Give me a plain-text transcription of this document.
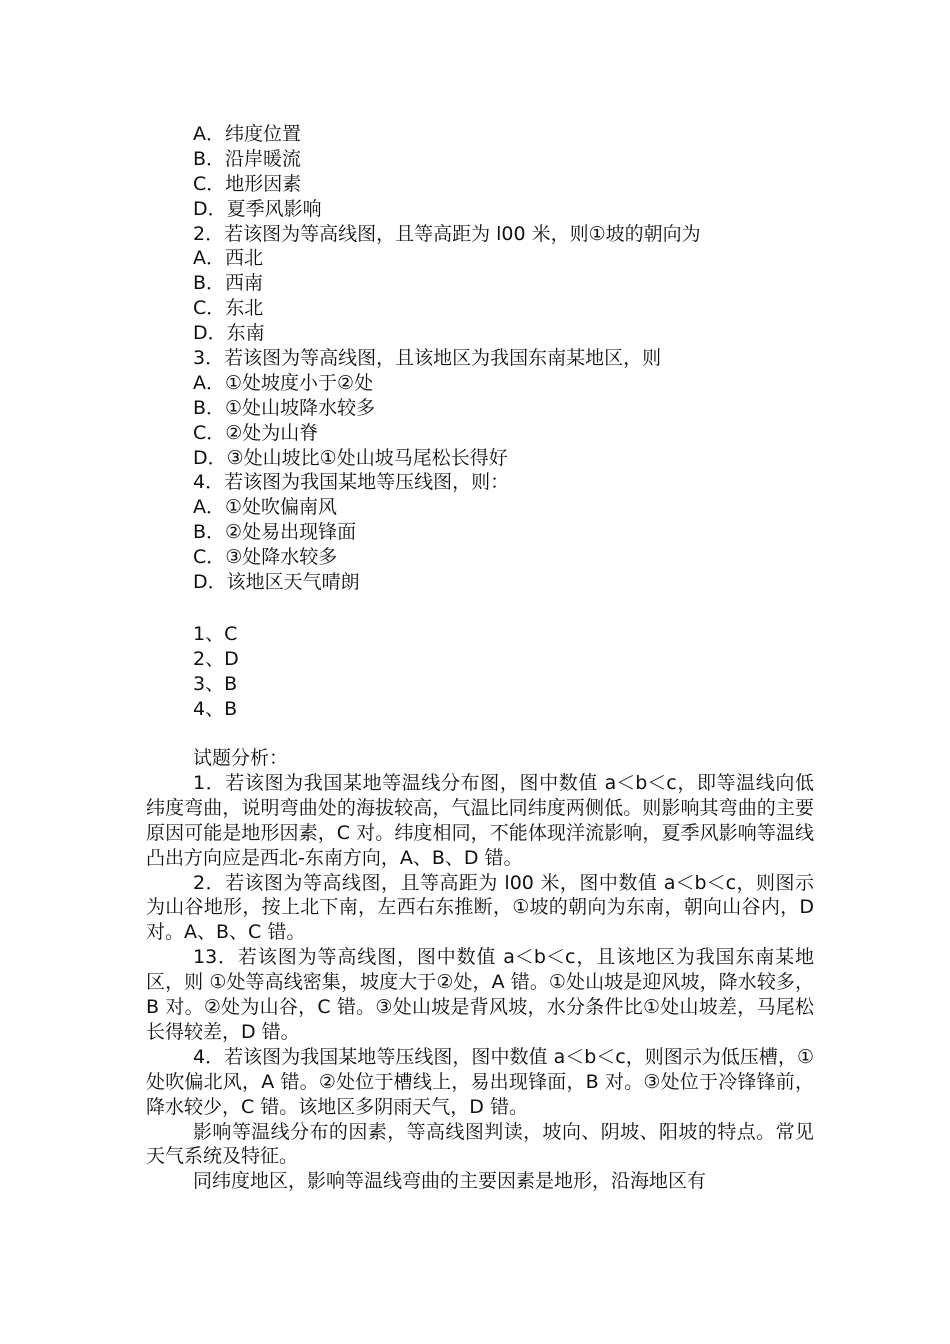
A．纬度位置
B．沿岸暖流
C．地形因素
D．夏季风影响
2．若该图为等高线图，且等高距为 l00 米，则①坡的朝向为
A．西北
B．西南
C．东北
D．东南
3．若该图为等高线图，且该地区为我国东南某地区，则
A．①处坡度小于②处
B．①处山坡降水较多
C．②处为山脊
D．③处山坡比①处山坡马尾松长得好
4．若该图为我国某地等压线图，则：
A．①处吹偏南风
B．②处易出现锋面
C．③处降水较多
D．该地区天气晴朗
1、C
2、D
3、B
4、B
试题分析：

1．若该图为我国某地等温线分布图，图中数值 a＜b＜c，即等温线向低纬度弯曲，说明弯曲处的海拔较高，气温比同纬度两侧低。则影响其弯曲的主要原因可能是地形因素，C 对。纬度相同，不能体现洋流影响，夏季风影响等温线凸出方向应是西北-东南方向，A、B、D 错。

2．若该图为等高线图，且等高距为 l00 米，图中数值 a＜b＜c，则图示为山谷地形，按上北下南，左西右东推断，①坡的朝向为东南，朝向山谷内，D 对。A、B、C 错。

13．若该图为等高线图，图中数值 a＜b＜c，且该地区为我国东南某地区，则 ①处等高线密集，坡度大于②处，A 错。①处山坡是迎风坡，降水较多，B 对。②处为山谷，C 错。③处山坡是背风坡，水分条件比①处山坡差，马尾松长得较差，D 错。

4．若该图为我国某地等压线图，图中数值 a＜b＜c，则图示为低压槽，①处吹偏北风，A 错。②处位于槽线上，易出现锋面，B 对。③处位于冷锋锋前，降水较少，C 错。该地区多阴雨天气，D 错。

影响等温线分布的因素，等高线图判读，坡向、阴坡、阳坡的特点。常见天气系统及特征。

同纬度地区，影响等温线弯曲的主要因素是地形，沿海地区有
